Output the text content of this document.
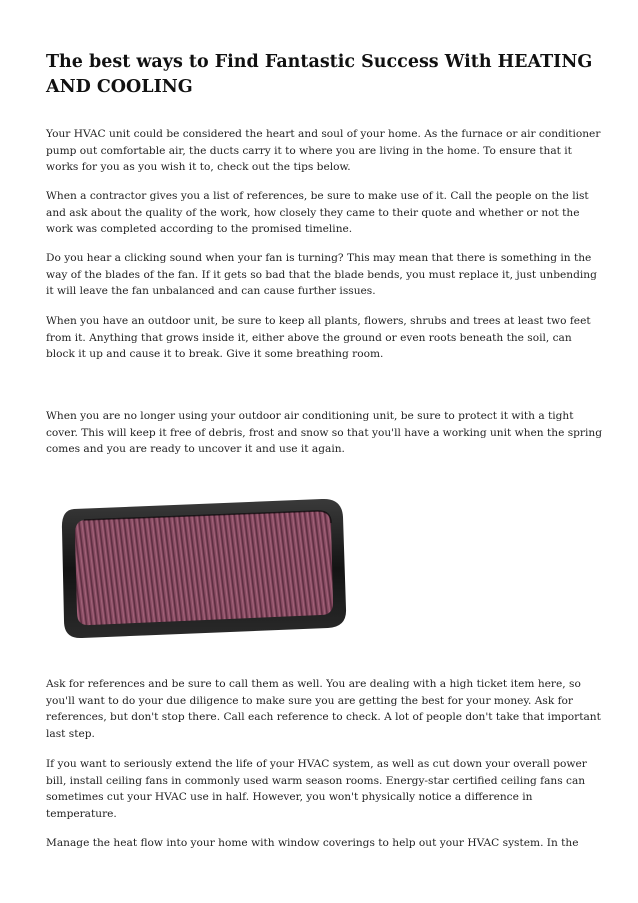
The best ways to Find Fantastic Success With HEATING AND COOLING

Your HVAC unit could be considered the heart and soul of your home. As the furnace or air conditioner pump out comfortable air, the ducts carry it to where you are living in the home. To ensure that it works for you as you wish it to, check out the tips below.

When a contractor gives you a list of references, be sure to make use of it. Call the people on the list and ask about the quality of the work, how closely they came to their quote and whether or not the work was completed according to the promised timeline.

Do you hear a clicking sound when your fan is turning? This may mean that there is something in the way of the blades of the fan. If it gets so bad that the blade bends, you must replace it, just unbending it will leave the fan unbalanced and can cause further issues.

When you have an outdoor unit, be sure to keep all plants, flowers, shrubs and trees at least two feet from it. Anything that grows inside it, either above the ground or even roots beneath the soil, can block it up and cause it to break. Give it some breathing room.

When you are no longer using your outdoor air conditioning unit, be sure to protect it with a tight cover. This will keep it free of debris, frost and snow so that you'll have a working unit when the spring comes and you are ready to uncover it and use it again.

Ask for references and be sure to call them as well. You are dealing with a high ticket item here, so you'll want to do your due diligence to make sure you are getting the best for your money. Ask for references, but don't stop there. Call each reference to check. A lot of people don't take that important last step.

If you want to seriously extend the life of your HVAC system, as well as cut down your overall power bill, install ceiling fans in commonly used warm season rooms. Energy-star certified ceiling fans can sometimes cut your HVAC use in half. However, you won't physically notice a difference in temperature.

Manage the heat flow into your home with window coverings to help out your HVAC system. In the
